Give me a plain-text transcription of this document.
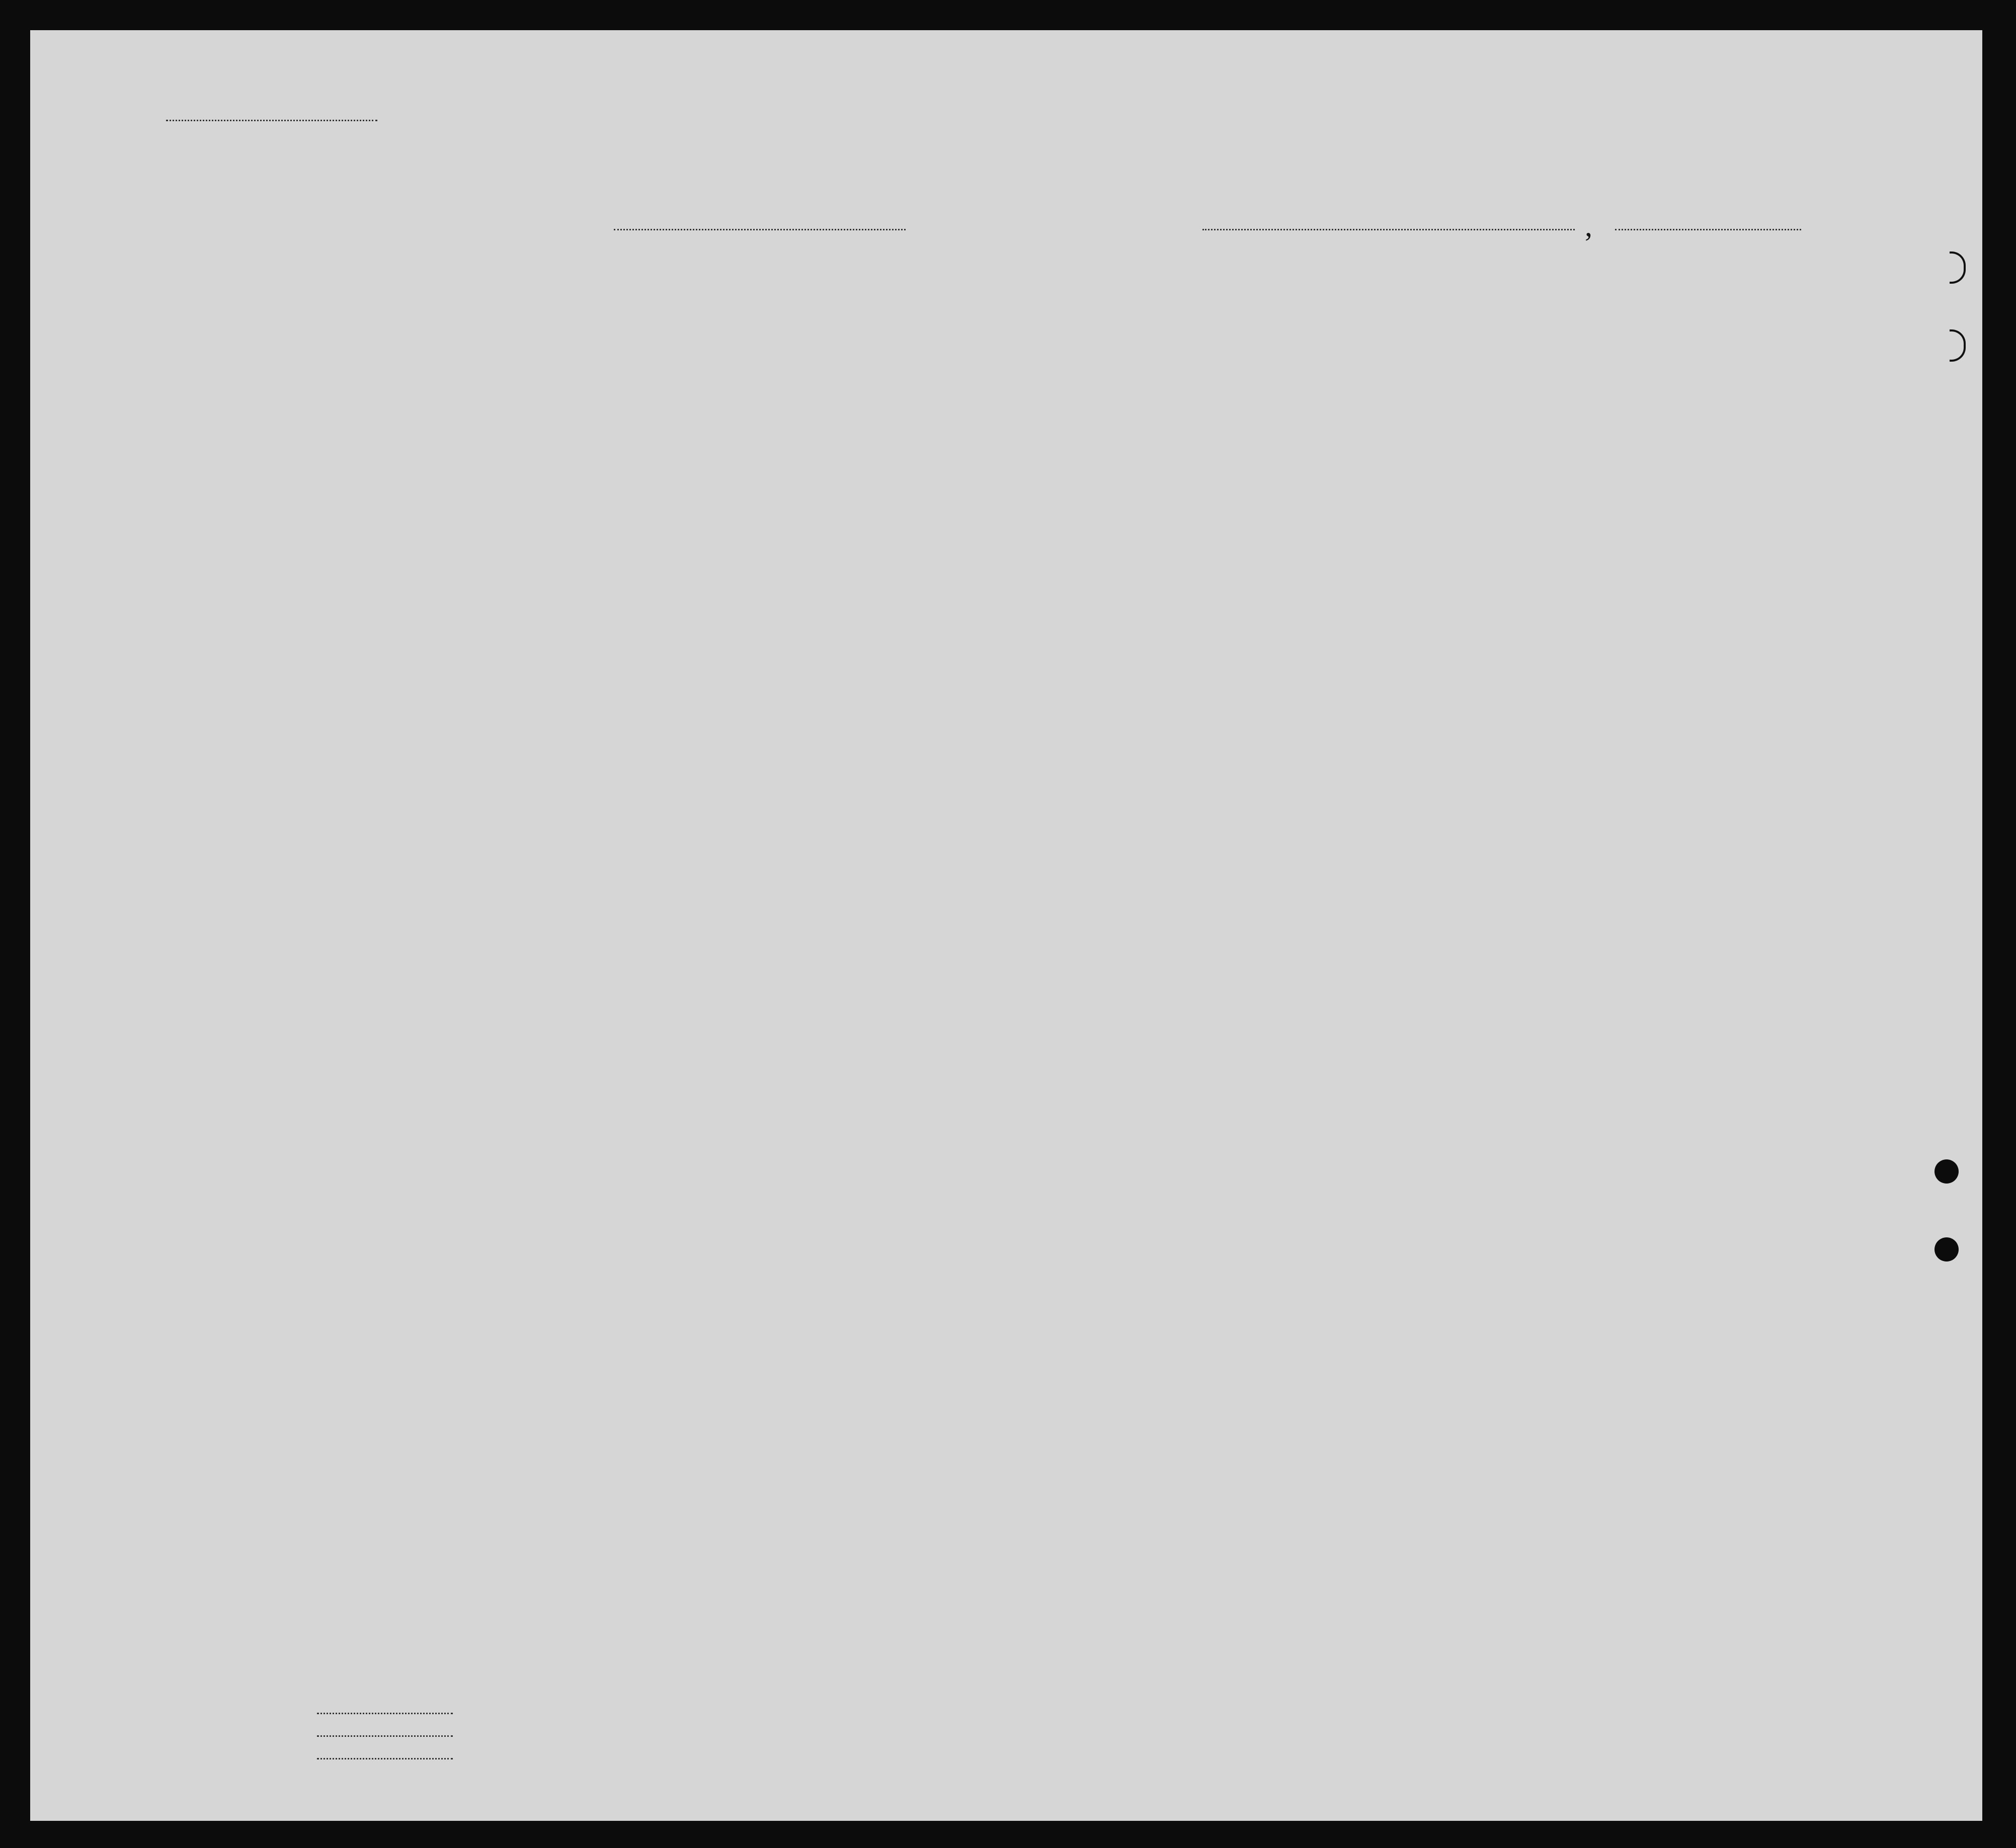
,
